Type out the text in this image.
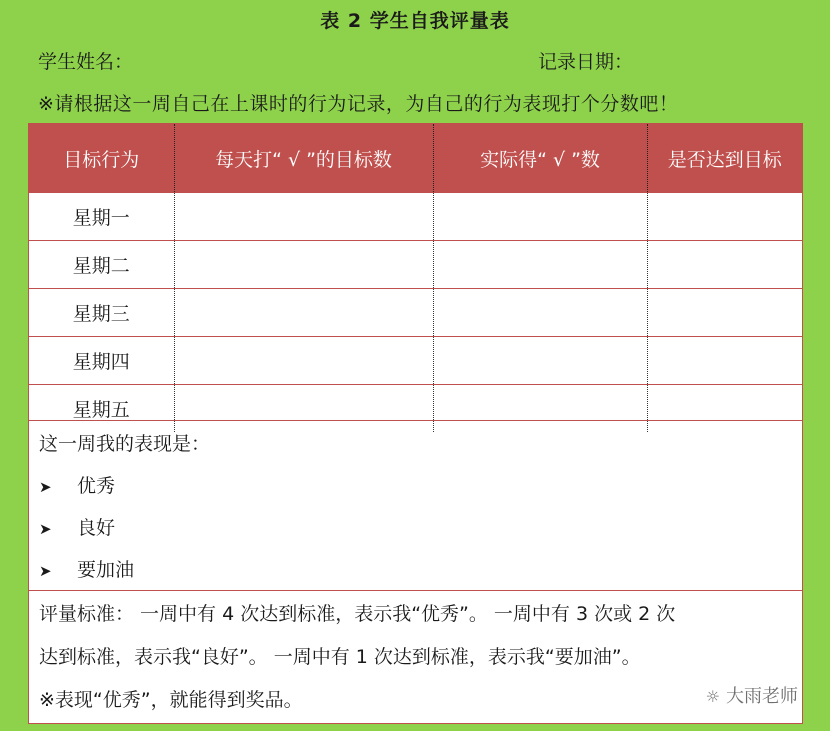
表 2 学生自我评量表
学生姓名：	记录日期：
※请根据这一周自己在上课时的行为记录，为自己的行为表现打个分数吧！
目标行为	每天打“ √ ”的目标数	实际得“ √ ”数	是否达到目标
星期一			
星期二			
星期三			
星期四			
星期五			
这一周我的表现是：
➤ 优秀
➤ 良好
➤ 要加油
评量标准： 一周中有 4 次达到标准，表示我“优秀”。 一周中有 3 次或 2 次
达到标准，表示我“良好”。 一周中有 1 次达到标准，表示我“要加油”。
※表现“优秀”，就能得到奖品。	☼ 大雨老师
